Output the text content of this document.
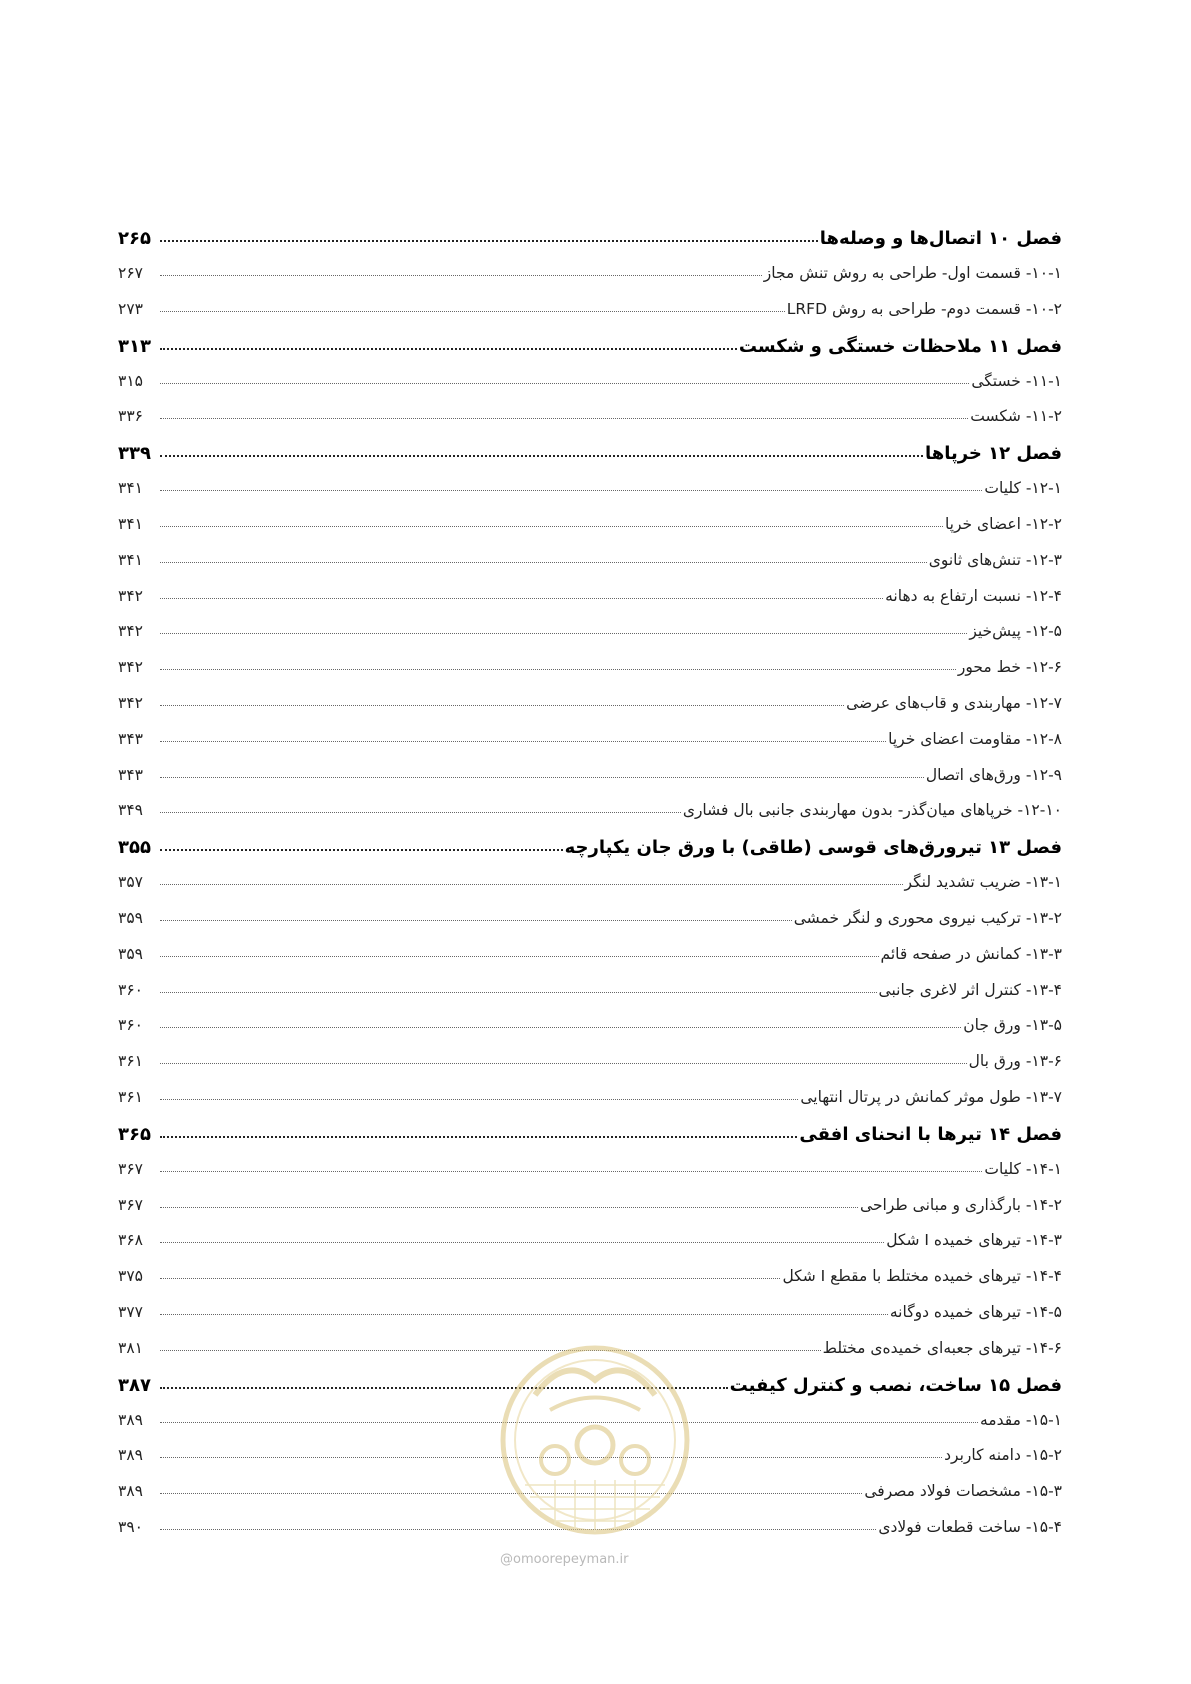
فصل ۱۰ اتصال‌ها و وصله‌ها
۲۶۵
۱۰-۱- قسمت اول- طراحی به روش تنش مجاز
۲۶۷
۱۰-۲- قسمت دوم- طراحی به روش LRFD
۲۷۳
فصل ۱۱ ملاحظات خستگی و شکست
۳۱۳
۱۱-۱- خستگی
۳۱۵
۱۱-۲- شکست
۳۳۶
فصل ۱۲ خرپاها
۳۳۹
۱۲-۱- کلیات
۳۴۱
۱۲-۲- اعضای خرپا
۳۴۱
۱۲-۳- تنش‌های ثانوی
۳۴۱
۱۲-۴- نسبت ارتفاع به دهانه
۳۴۲
۱۲-۵- پیش‌خیز
۳۴۲
۱۲-۶- خط محور
۳۴۲
۱۲-۷- مهاربندی و قاب‌های عرضی
۳۴۲
۱۲-۸- مقاومت اعضای خرپا
۳۴۳
۱۲-۹- ورق‌های اتصال
۳۴۳
۱۲-۱۰- خرپاهای میان‌گذر- بدون مهاربندی جانبی بال فشاری
۳۴۹
فصل ۱۳ تیرورق‌های قوسی (طاقی) با ورق جان یکپارچه
۳۵۵
۱۳-۱- ضریب تشدید لنگر
۳۵۷
۱۳-۲- ترکیب نیروی محوری و لنگر خمشی
۳۵۹
۱۳-۳- کمانش در صفحه قائم
۳۵۹
۱۳-۴- کنترل اثر لاغری جانبی
۳۶۰
۱۳-۵- ورق جان
۳۶۰
۱۳-۶- ورق بال
۳۶۱
۱۳-۷- طول موثر کمانش در پرتال انتهایی
۳۶۱
فصل ۱۴ تیرها با انحنای افقی
۳۶۵
۱۴-۱- کلیات
۳۶۷
۱۴-۲- بارگذاری و مبانی طراحی
۳۶۷
۱۴-۳- تیرهای خمیده I شکل
۳۶۸
۱۴-۴- تیرهای خمیده مختلط با مقطع I شکل
۳۷۵
۱۴-۵- تیرهای خمیده دوگانه
۳۷۷
۱۴-۶- تیرهای جعبه‌ای خمیده‌ی مختلط
۳۸۱
فصل ۱۵ ساخت، نصب و کنترل کیفیت
۳۸۷
۱۵-۱- مقدمه
۳۸۹
۱۵-۲- دامنه کاربرد
۳۸۹
۱۵-۳- مشخصات فولاد مصرفی
۳۸۹
۱۵-۴- ساخت قطعات فولادی
۳۹۰
@omoorepeyman.ir
